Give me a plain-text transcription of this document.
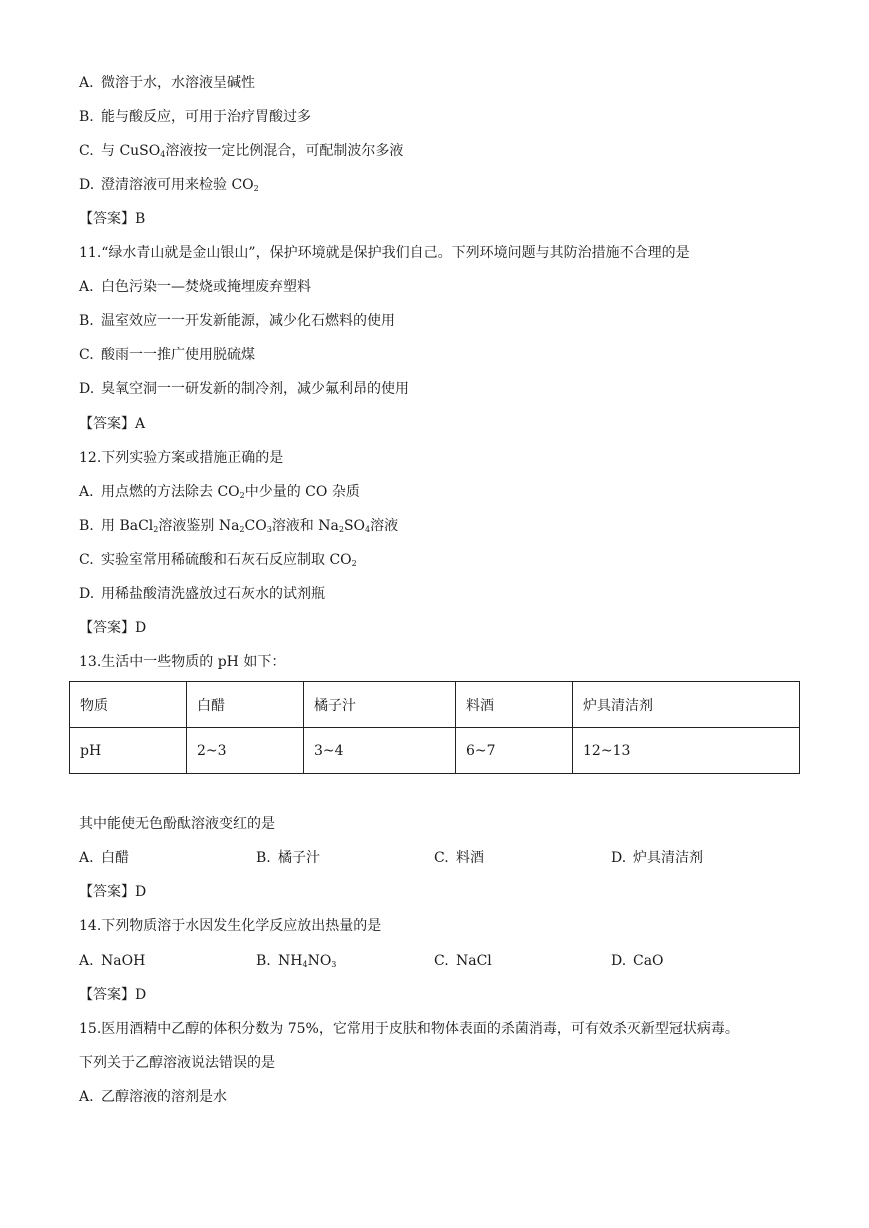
A. 微溶于水，水溶液呈碱性
B. 能与酸反应，可用于治疗胃酸过多
C. 与 CuSO$_4$溶液按一定比例混合，可配制波尔多液
D. 澄清溶液可用来检验 $CO_2$
【答案】B
11.“绿水青山就是金山银山”，保护环境就是保护我们自己。下列环境问题与其防治措施不合理的是
A. 白色污染一—焚烧或掩埋废弃塑料
B. 温室效应一一开发新能源，减少化石燃料的使用
C. 酸雨一一推广使用脱硫煤
D. 臭氧空洞一一研发新的制冷剂，减少氟利昂的使用
【答案】A
12.下列实验方案或措施正确的是
A. 用点燃的方法除去 $CO_2$中少量的 CO 杂质
B. 用 BaCl$_2$溶液鉴别 $Na_2CO_3$溶液和 $Na_2SO_4$溶液
C. 实验室常用稀硫酸和石灰石反应制取 $CO_2$
D. 用稀盐酸清洗盛放过石灰水的试剂瓶
【答案】D
13.生活中一些物质的 pH 如下：
物质	白醋	橘子汁	料酒	炉具清洁剂
pH	2~3	3~4	6~7	12~13
其中能使无色酚酞溶液变红的是
A. 白醋	B. 橘子汁	C. 料酒	D. 炉具清洁剂
【答案】D
14.下列物质溶于水因发生化学反应放出热量的是
A. NaOH	B. $NH_4NO_3$	C. NaCl	D. CaO
【答案】D
15.医用酒精中乙醇的体积分数为 75%，它常用于皮肤和物体表面的杀菌消毒，可有效杀灭新型冠状病毒。
下列关于乙醇溶液说法错误的是
A. 乙醇溶液的溶剂是水
